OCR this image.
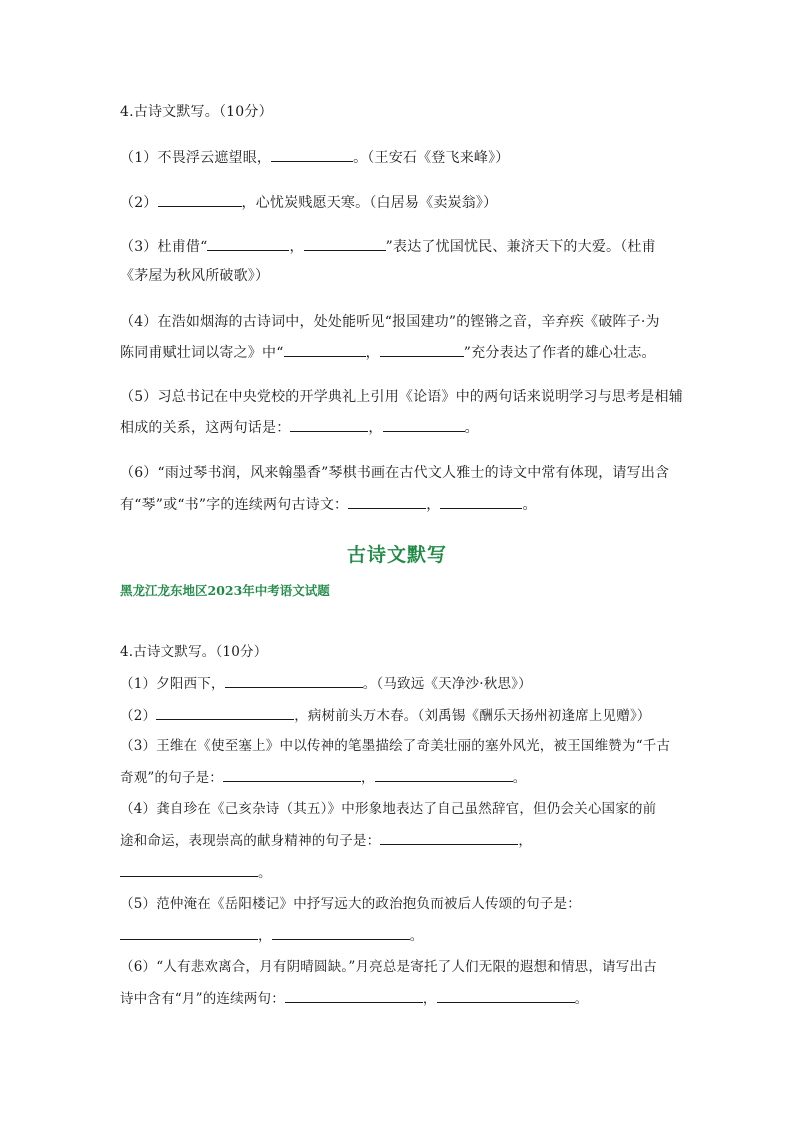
4.古诗文默写。（10分）
（1）不畏浮云遮望眼，	。（王安石《登飞来峰》）
（2）	，心忧炭贱愿天寒。（白居易《卖炭翁》）
（3）杜甫借“	，	”表达了忧国忧民、兼济天下的大爱。（杜甫
《茅屋为秋风所破歌》）
（4）在浩如烟海的古诗词中，处处能听见“报国建功”的铿锵之音，辛弃疾《破阵子·为
陈同甫赋壮词以寄之》中“	，	”充分表达了作者的雄心壮志。
（5）习总书记在中央党校的开学典礼上引用《论语》中的两句话来说明学习与思考是相辅
相成的关系，这两句话是：	，	。
（6）“雨过琴书润，风来翰墨香”琴棋书画在古代文人雅士的诗文中常有体现，请写出含
有“琴”或“书”字的连续两句古诗文：	，	。
古诗文默写
黑龙江龙东地区2023年中考语文试题
4.古诗文默写。（10分）
（1）夕阳西下，	。（马致远《天净沙·秋思》）
（2）	，病树前头万木春。（刘禹锡《酬乐天扬州初逢席上见赠》）
（3）王维在《使至塞上》中以传神的笔墨描绘了奇美壮丽的塞外风光，被王国维赞为“千古
奇观”的句子是：	，	。
（4）龚自珍在《己亥杂诗（其五）》中形象地表达了自己虽然辞官，但仍会关心国家的前
途和命运，表现崇高的献身精神的句子是：	，
。
（5）范仲淹在《岳阳楼记》中抒写远大的政治抱负而被后人传颂的句子是：
，	。
（6）“人有悲欢离合，月有阴晴圆缺。”月亮总是寄托了人们无限的遐想和情思，请写出古
诗中含有“月”的连续两句：	，	。
